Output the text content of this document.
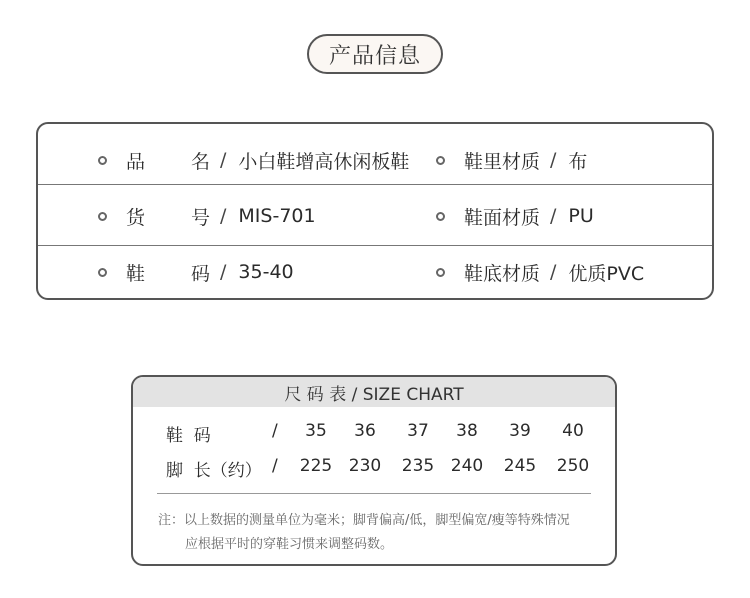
产品信息
品 名 / 小白鞋增高休闲板鞋	鞋里材质 / 布
货 号 / MIS-701	鞋面材质 / PU
鞋 码 / 35-40	鞋底材质 / 优质PVC
尺 码 表 / SIZE CHART
鞋  码	/	35	36	37	38	39	40
脚  长（约） / 225 230 235 240 245 250
注：以上数据的测量单位为毫米；脚背偏高/低，脚型偏宽/瘦等特殊情况
应根据平时的穿鞋习惯来调整码数。
